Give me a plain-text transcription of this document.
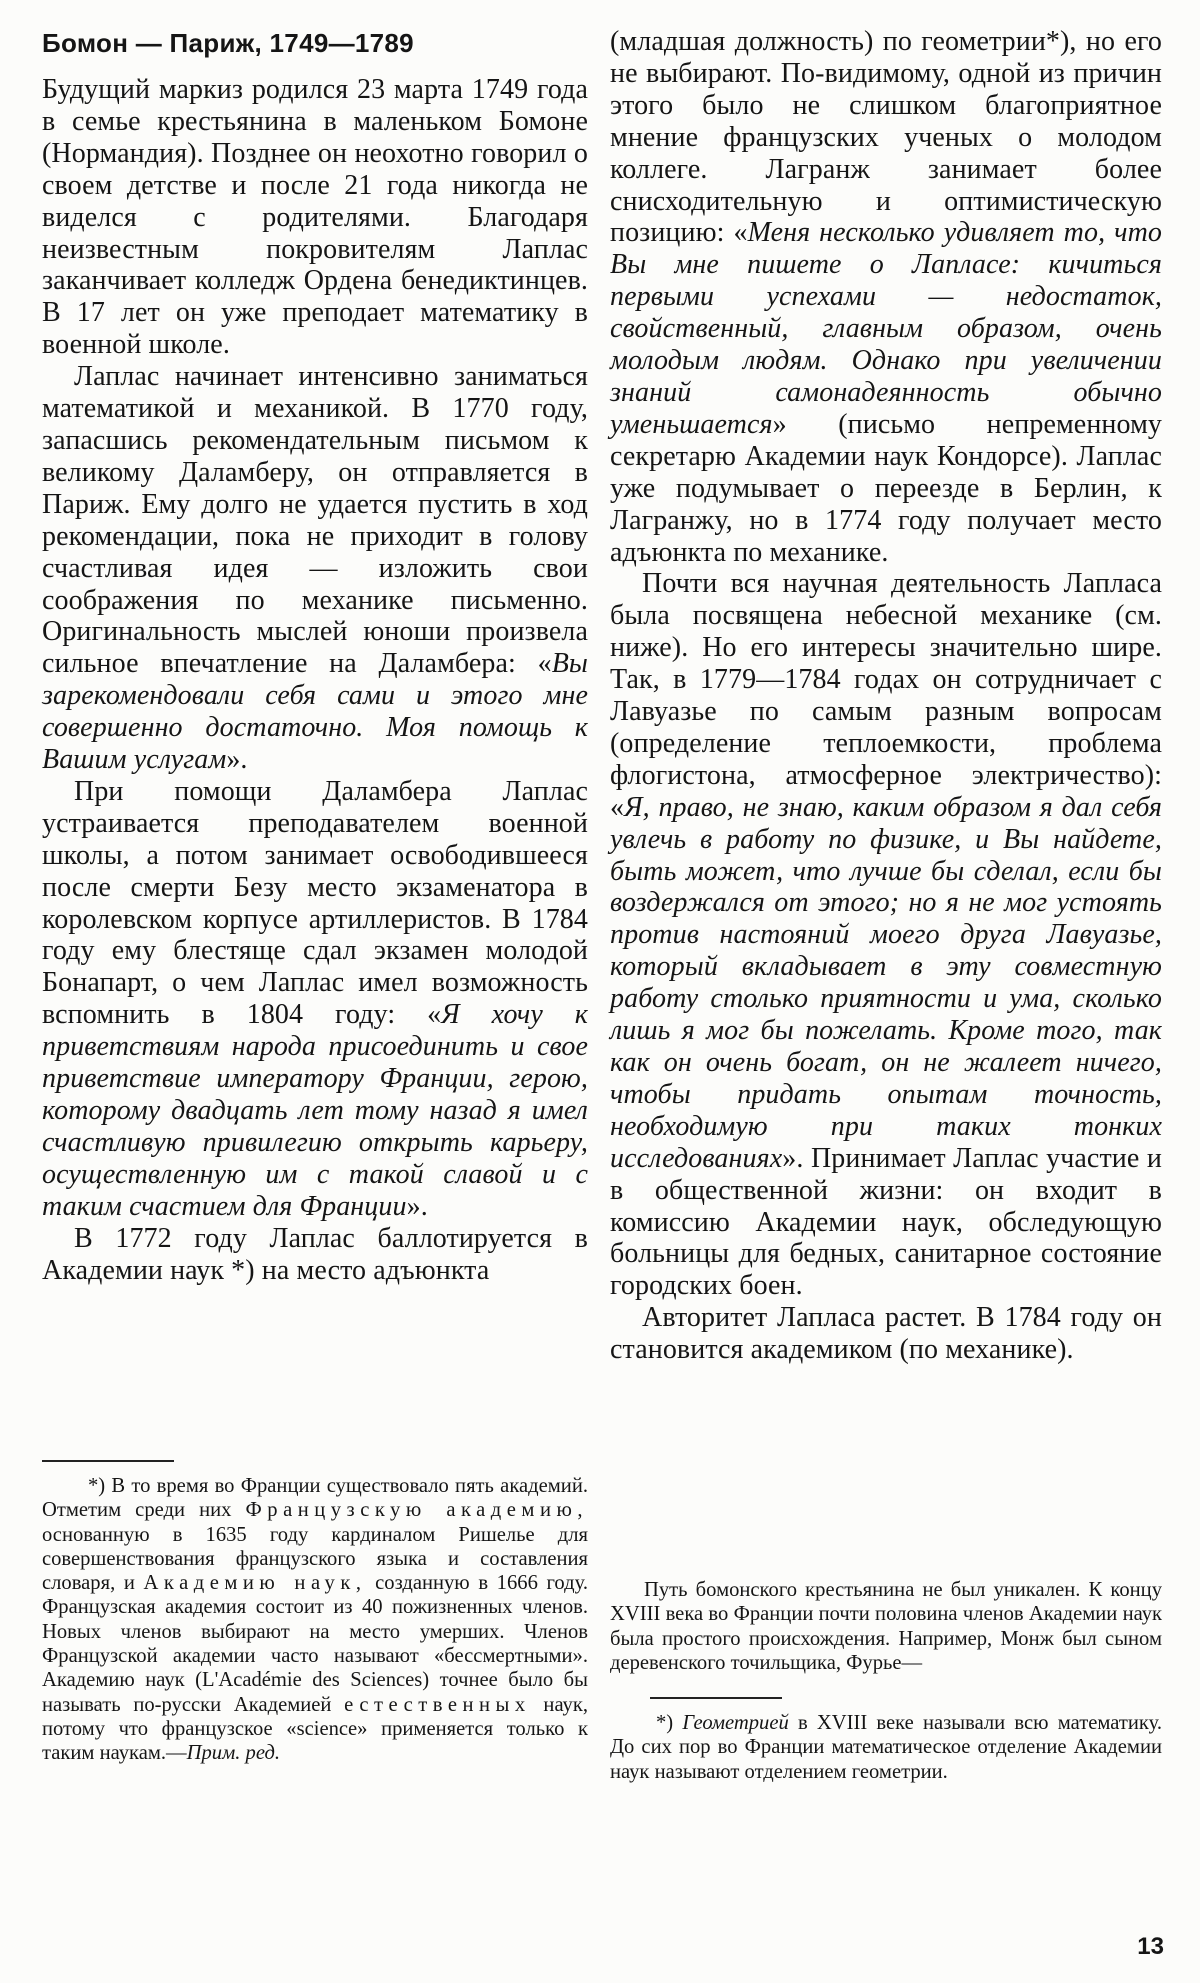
Бомон — Париж, 1749—1789

Будущий маркиз родился 23 марта 1749 года в семье крестьянина в маленьком Бомоне (Нормандия). Позднее он неохотно говорил о своем детстве и после 21 года никогда не виделся с родителями. Благодаря неизвестным покровителям Лаплас заканчивает колледж Ордена бенедиктинцев. В 17 лет он уже преподает математику в военной школе.

Лаплас начинает интенсивно заниматься математикой и механикой. В 1770 году, запасшись рекомендательным письмом к великому Даламберу, он отправляется в Париж. Ему долго не удается пустить в ход рекомендации, пока не приходит в голову счастливая идея — изложить свои соображения по механике письменно. Оригинальность мыслей юноши произвела сильное впечатление на Даламбера: «Вы зарекомендовали себя сами и этого мне совершенно достаточно. Моя помощь к Вашим услугам».

При помощи Даламбера Лаплас устраивается преподавателем военной школы, а потом занимает освободившееся после смерти Безу место экзаменатора в королевском корпусе артиллеристов. В 1784 году ему блестяще сдал экзамен молодой Бонапарт, о чем Лаплас имел возможность вспомнить в 1804 году: «Я хочу к приветствиям народа присоединить и свое приветствие императору Франции, герою, которому двадцать лет тому назад я имел счастливую привилегию открыть карьеру, осуществленную им с такой славой и с таким счастием для Франции».

В 1772 году Лаплас баллотируется в Академии наук *) на место адъюнкта

(младшая должность) по геометрии*), но его не выбирают. По-видимому, одной из причин этого было не слишком благоприятное мнение французских ученых о молодом коллеге. Лагранж занимает более снисходительную и оптимистическую позицию: «Меня несколько удивляет то, что Вы мне пишете о Лапласе: кичиться первыми успехами — недостаток, свойственный, главным образом, очень молодым людям. Однако при увеличении знаний самонадеянность обычно уменьшается» (письмо непременному секретарю Академии наук Кондорсе). Лаплас уже подумывает о переезде в Берлин, к Лагранжу, но в 1774 году получает место адъюнкта по механике.

Почти вся научная деятельность Лапласа была посвящена небесной механике (см. ниже). Но его интересы значительно шире. Так, в 1779—1784 годах он сотрудничает с Лавуазье по самым разным вопросам (определение теплоемкости, проблема флогистона, атмосферное электричество): «Я, право, не знаю, каким образом я дал себя увлечь в работу по физике, и Вы найдете, быть может, что лучше бы сделал, если бы воздержался от этого; но я не мог устоять против настояний моего друга Лавуазье, который вкладывает в эту совместную работу столько приятности и ума, сколько лишь я мог бы пожелать. Кроме того, так как он очень богат, он не жалеет ничего, чтобы придать опытам точность, необходимую при таких тонких исследованиях». Принимает Лаплас участие и в общественной жизни: он входит в комиссию Академии наук, обследующую больницы для бедных, санитарное состояние городских боен.

Авторитет Лапласа растет. В 1784 году он становится академиком (по механике).

*) В то время во Франции существовало пять академий. Отметим среди них Французскую академию, основанную в 1635 году кардиналом Ришелье для совершенствования французского языка и составления словаря, и Академию наук, созданную в 1666 году. Французская академия состоит из 40 пожизненных членов. Новых членов выбирают на место умерших. Членов Французской академии часто называют «бессмертными». Академию наук (L'Académie des Sciences) точнее было бы называть по-русски Академией естественных наук, потому что французское «science» применяется только к таким наукам.—Прим. ред.

Путь бомонского крестьянина не был уникален. К концу XVIII века во Франции почти половина членов Академии наук была простого происхождения. Например, Монж был сыном деревенского точильщика, Фурье—

*) Геометрией в XVIII веке называли всю математику. До сих пор во Франции математическое отделение Академии наук называют отделением геометрии.

13
